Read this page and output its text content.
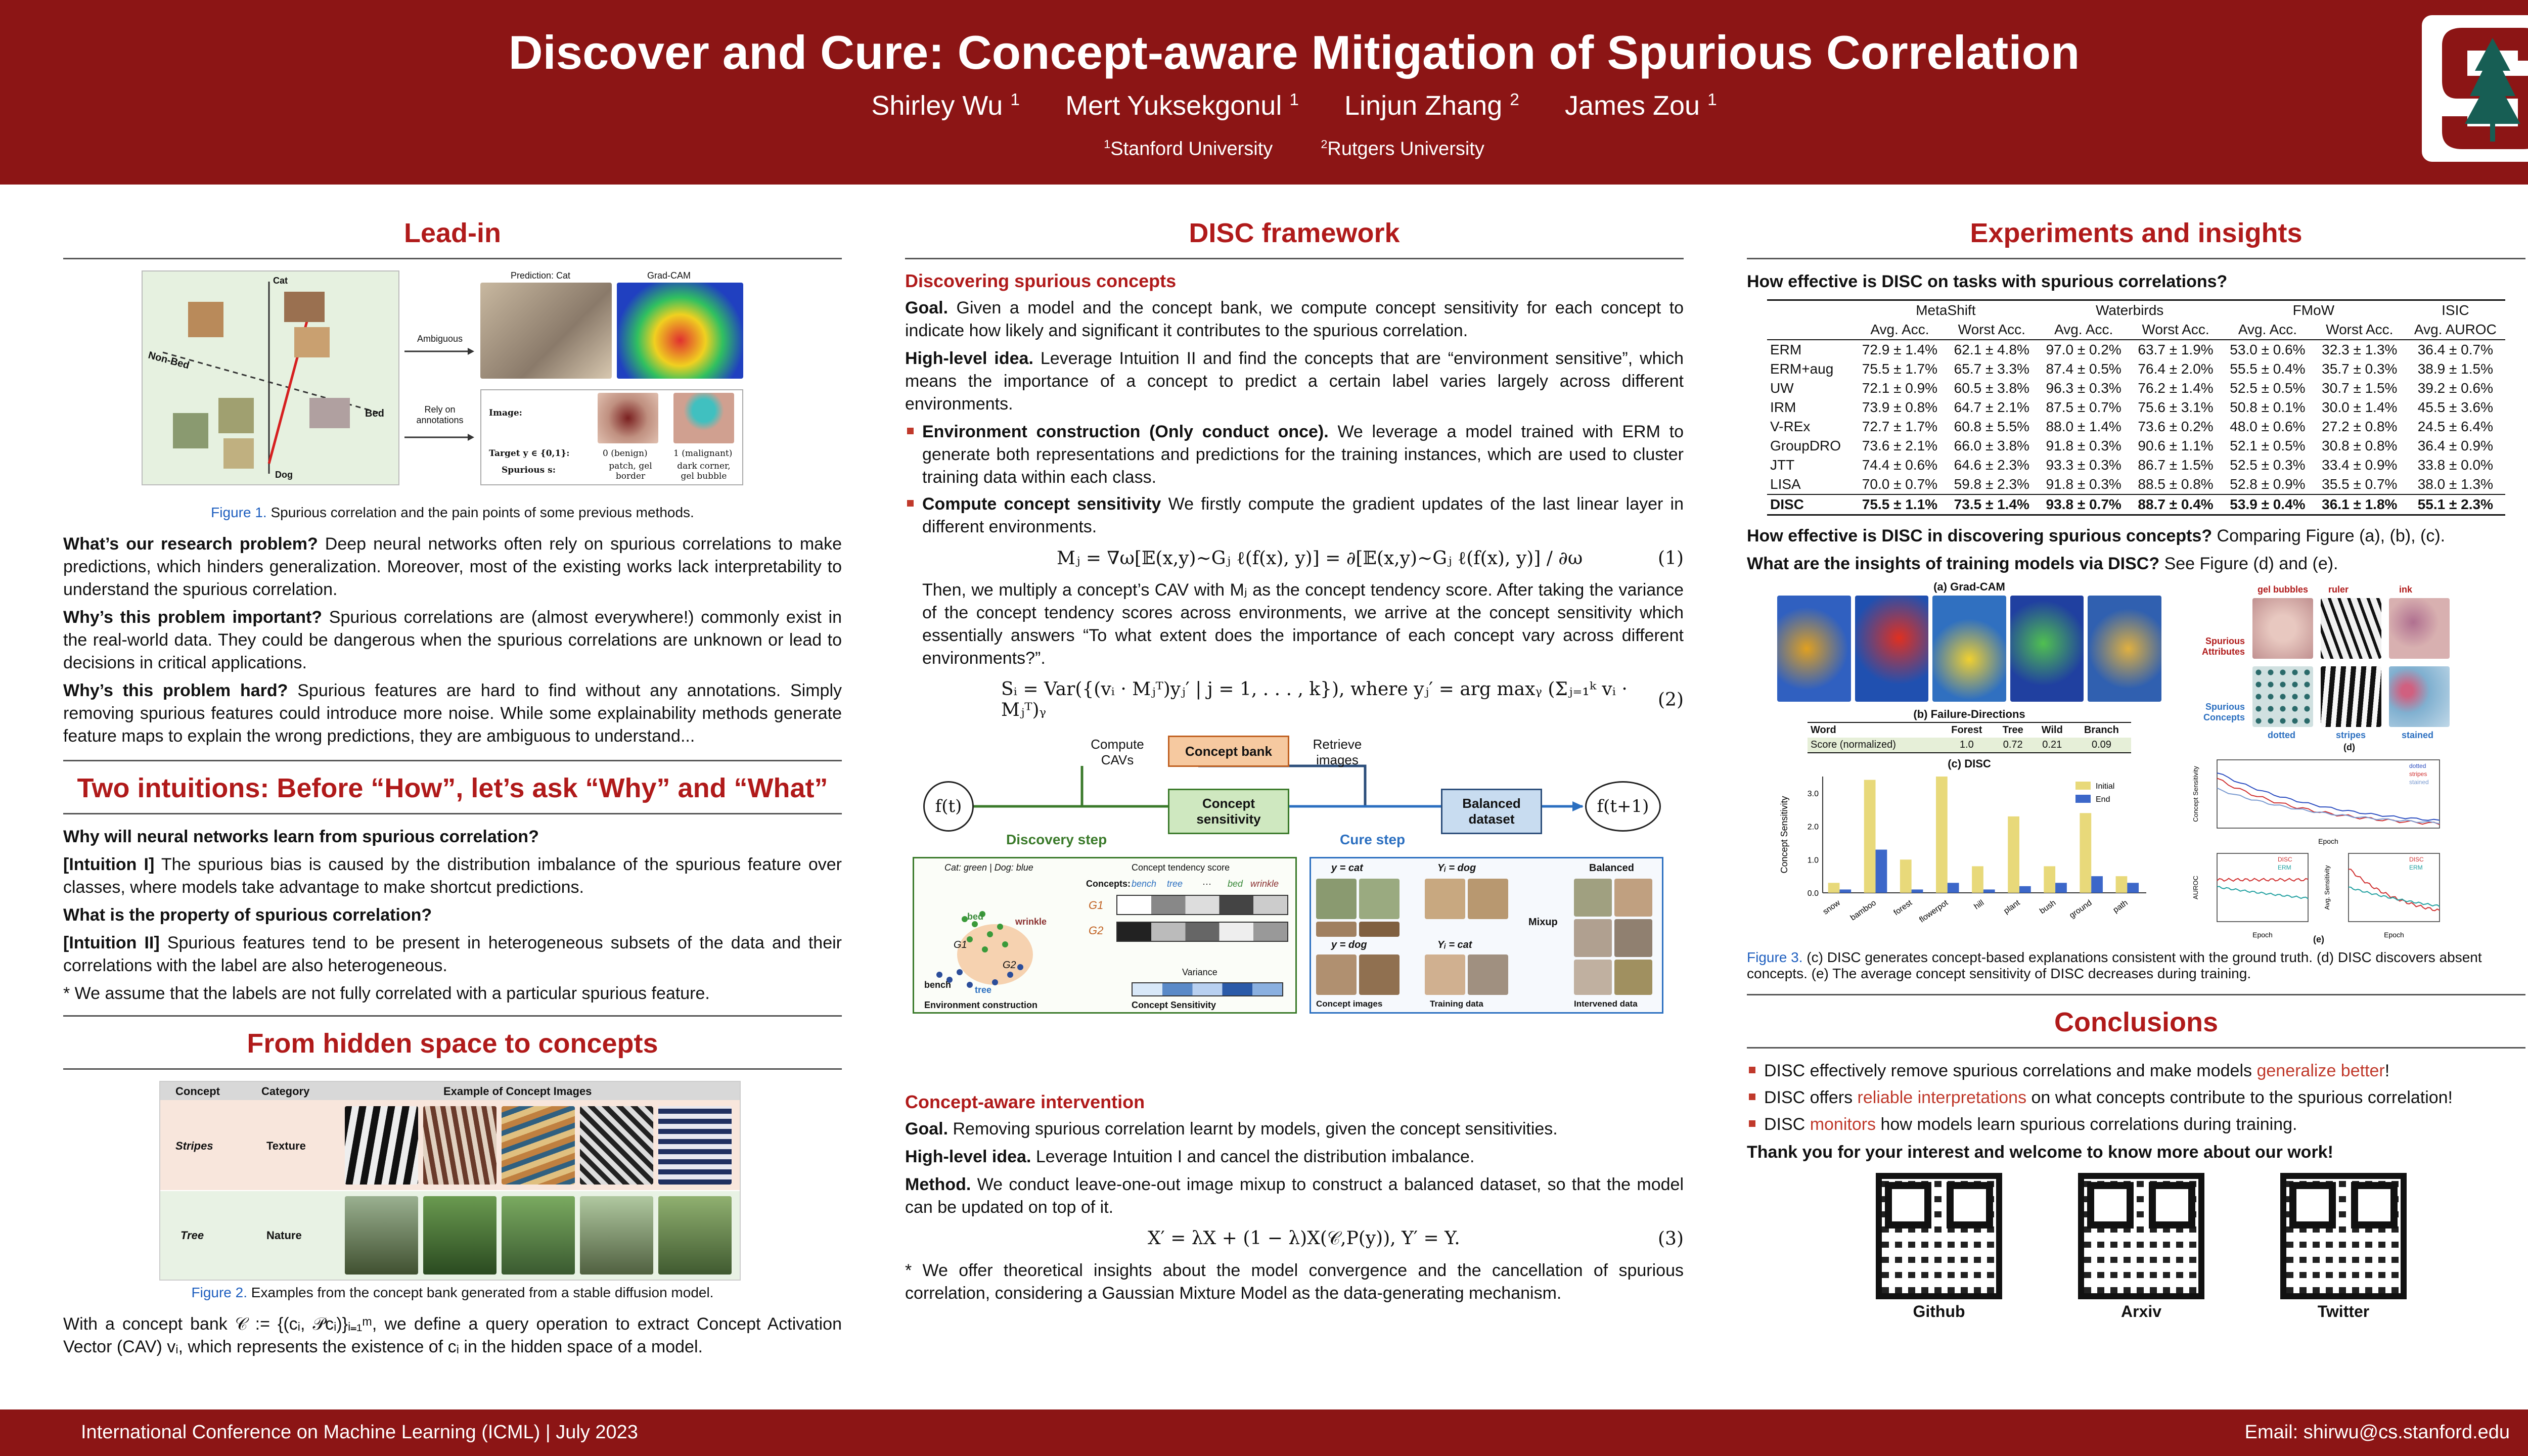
Discover and Cure: Concept-aware Mitigation of Spurious Correlation
Shirley Wu $^1$ Mert Yuksekgonul $^1$ Linjun Zhang $^2$ James Zou $^1$
$^1$Stanford University	$^2$Rutgers University
Lead-in
Cat
Non-Bed
Bed
Dog
Ambiguous
Rely on annotations
Prediction: Cat	Grad-CAM
Image:
Target y ∈ {0,1}:	0 (benign)	1 (malignant)
Spurious s:	patch, gel border
dark corner, gel bubble
Figure 1. Spurious correlation and the pain points of some previous methods.

What’s our research problem? Deep neural networks often rely on spurious correlations to make predictions, which hinders generalization. Moreover, most of the existing works lack interpretability to understand the spurious correlation.

Why’s this problem important? Spurious correlations are (almost everywhere!) commonly exist in the real-world data. They could be dangerous when the spurious correlations are unknown or lead to decisions in critical applications.

Why’s this problem hard? Spurious features are hard to find without any annotations. Simply removing spurious features could introduce more noise. While some explainability methods generate feature maps to explain the wrong predictions, they are ambiguous to understand...

Two intuitions: Before “How”, let’s ask “Why” and “What”

Why will neural networks learn from spurious correlation?

[Intuition I] The spurious bias is caused by the distribution imbalance of the spurious feature over classes, where models take advantage to make shortcut predictions.

What is the property of spurious correlation?

[Intuition II] Spurious features tend to be present in heterogeneous subsets of the data and their correlations with the label are also heterogeneous.

* We assume that the labels are not fully correlated with a particular spurious feature.

From hidden space to concepts
Concept	Category	Example of Concept Images
Stripes	Texture
Tree	Nature
Figure 2. Examples from the concept bank generated from a stable diffusion model.

With a concept bank 𝒞 := {(cᵢ, 𝒫cᵢ)}ᵢ₌₁ᵐ, we define a query operation to extract Concept Activation Vector (CAV) vᵢ, which represents the existence of cᵢ in the hidden space of a model.

DISC framework
Discovering spurious concepts

Goal. Given a model and the concept bank, we compute concept sensitivity for each concept to indicate how likely and significant it contributes to the spurious correlation.

High-level idea. Leverage Intuition II and find the concepts that are “environment sensitive”, which means the importance of a concept to predict a certain label varies largely across different environments.

Environment construction (Only conduct once). We leverage a model trained with ERM to generate both representations and predictions for the training instances, which are used to cluster training data within each class.
Compute concept sensitivity We firstly compute the gradient updates of the last linear layer in different environments.
Mⱼ = ∇ω[𝔼(x,y)∼Gⱼ ℓ(f(x), y)] = ∂[𝔼(x,y)∼Gⱼ ℓ(f(x), y)] / ∂ω	(1)

Then, we multiply a concept’s CAV with Mⱼ as the concept tendency score. After taking the variance of the concept tendency scores across environments, we arrive at the concept sensitivity which essentially answers “To what extent does the importance of each concept vary across different environments?”.

Sᵢ = Var({(vᵢ · Mⱼᵀ)yⱼ′ | j = 1, . . . , k}), where yⱼ′ = arg maxᵧ (Σⱼ₌₁ᵏ vᵢ · Mⱼᵀ)ᵧ	(2)
f(t)	f(t+1)
Concept bank
Concept sensitivity
Balanced dataset
Compute CAVs
Retrieve images
Discovery step	Cure step
Cat: green | Dog: blue
bed	wrinkle
bench	tree
G1
G2
Environment construction
Concept tendency score
Concepts: bench tree ··· bed wrinkle
G1
G2
Variance
Concept Sensitivity
y = cat	Yᵢ = dog	Balanced
y = dog	Yᵢ = cat
Mixup
Concept images	Training data	Intervened data
Concept-aware intervention

Goal. Removing spurious correlation learnt by models, given the concept sensitivities.

High-level idea. Leverage Intuition I and cancel the distribution imbalance.

Method. We conduct leave-one-out image mixup to construct a balanced dataset, so that the model can be updated on top of it.

X′ = λX + (1 − λ)X(𝒞,P(y)), Y′ = Y.	(3)

* We offer theoretical insights about the model convergence and the cancellation of spurious correlation, considering a Gaussian Mixture Model as the data-generating mechanism.

Experiments and insights

How effective is DISC on tasks with spurious correlations?

	MetaShift		Waterbirds		FMoW		ISIC
	Avg. Acc.	Worst Acc.	Avg. Acc.	Worst Acc.	Avg. Acc.	Worst Acc.	Avg. AUROC
ERM	72.9 ± 1.4%	62.1 ± 4.8%	97.0 ± 0.2%	63.7 ± 1.9%	53.0 ± 0.6%	32.3 ± 1.3%	36.4 ± 0.7%
ERM+aug	75.5 ± 1.7%	65.7 ± 3.3%	87.4 ± 0.5%	76.4 ± 2.0%	55.5 ± 0.4%	35.7 ± 0.3%	38.9 ± 1.5%
UW	72.1 ± 0.9%	60.5 ± 3.8%	96.3 ± 0.3%	76.2 ± 1.4%	52.5 ± 0.5%	30.7 ± 1.5%	39.2 ± 0.6%
IRM	73.9 ± 0.8%	64.7 ± 2.1%	87.5 ± 0.7%	75.6 ± 3.1%	50.8 ± 0.1%	30.0 ± 1.4%	45.5 ± 3.6%
V-REx	72.7 ± 1.7%	60.8 ± 5.5%	88.0 ± 1.4%	73.6 ± 0.2%	48.0 ± 0.6%	27.2 ± 0.8%	24.5 ± 6.4%
GroupDRO	73.6 ± 2.1%	66.0 ± 3.8%	91.8 ± 0.3%	90.6 ± 1.1%	52.1 ± 0.5%	30.8 ± 0.8%	36.4 ± 0.9%
JTT	74.4 ± 0.6%	64.6 ± 2.3%	93.3 ± 0.3%	86.7 ± 1.5%	52.5 ± 0.3%	33.4 ± 0.9%	33.8 ± 0.0%
LISA	70.0 ± 0.7%	59.8 ± 2.3%	91.8 ± 0.3%	88.5 ± 0.8%	52.8 ± 0.9%	35.5 ± 0.7%	38.0 ± 1.3%
DISC	75.5 ± 1.1%	73.5 ± 1.4%	93.8 ± 0.7%	88.7 ± 0.4%	53.9 ± 0.4%	36.1 ± 1.8%	55.1 ± 2.3%

How effective is DISC in discovering spurious concepts? Comparing Figure (a), (b), (c).

What are the insights of training models via DISC? See Figure (d) and (e).

(a) Grad-CAM
(b) Failure-Directions
Word	Forest	Tree	Wild	Branch
Score (normalized)	1.0	0.72	0.21	0.09
(c) DISC
0.0
1.0
2.0
3.0
Concept Sensitivity
snow bamboo forest flowerpot	hill plant bush ground path
Initial
End
Spurious Attributes
Spurious Concepts
gel bubbles ruler	ink
dotted	stripes	stained
(d)
dotted
stripes
stained
Concept Sensitivity
Epoch
DISC
ERM
AUROC
Epoch
DISC
ERM
Avg. Sensitivity
Epoch
(e)
Figure 3. (c) DISC generates concept-based explanations consistent with the ground truth. (d) DISC discovers absent concepts. (e) The average concept sensitivity of DISC decreases during training.
Conclusions
DISC effectively remove spurious correlations and make models generalize better!
DISC offers reliable interpretations on what concepts contribute to the spurious correlation!
DISC monitors how models learn spurious correlations during training.

Thank you for your interest and welcome to know more about our work!

Github	Arxiv	Twitter
International Conference on Machine Learning (ICML) | July 2023	Email: shirwu@cs.stanford.edu
